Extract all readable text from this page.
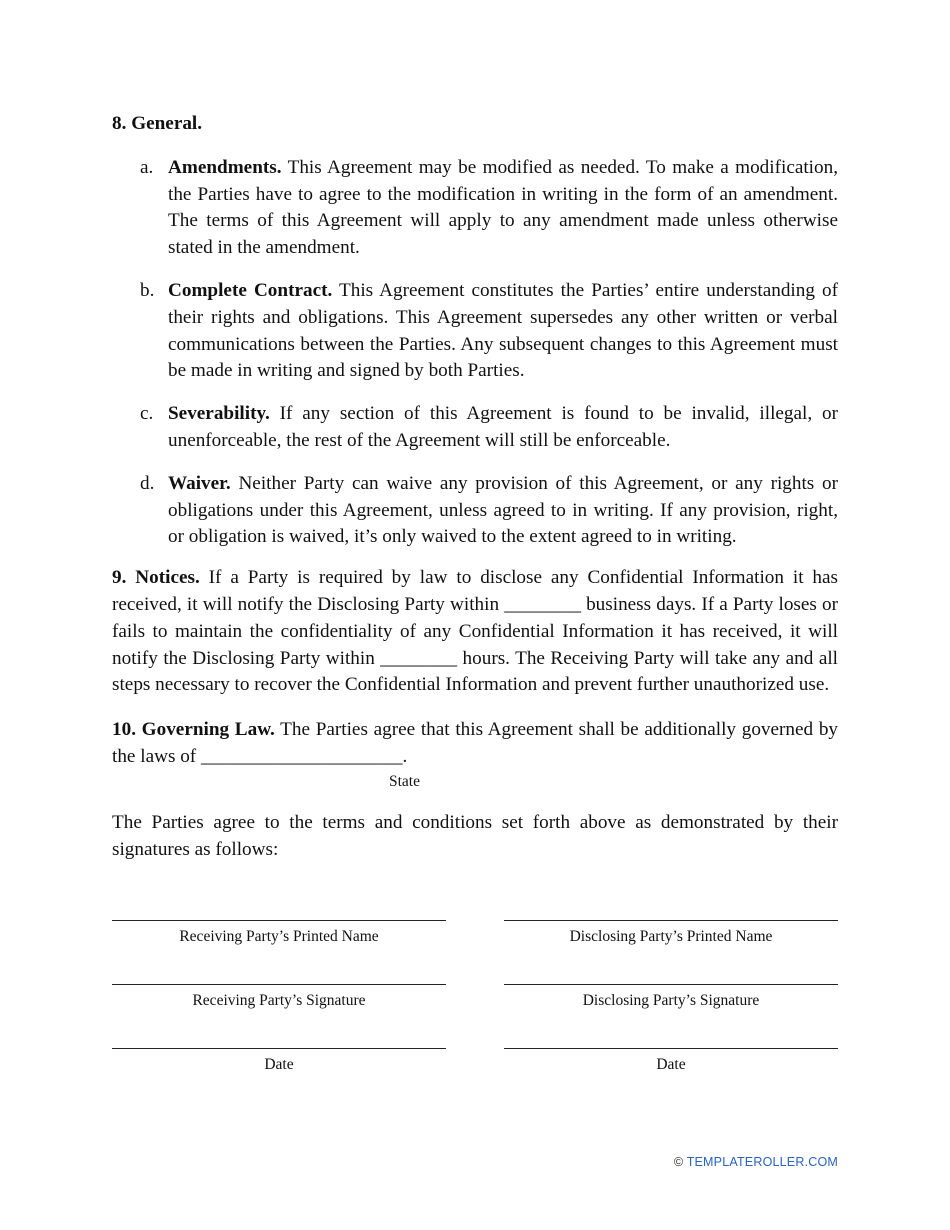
8. General.
a. Amendments. This Agreement may be modified as needed. To make a modification, the Parties have to agree to the modification in writing in the form of an amendment. The terms of this Agreement will apply to any amendment made unless otherwise stated in the amendment.
b. Complete Contract. This Agreement constitutes the Parties’ entire understanding of their rights and obligations. This Agreement supersedes any other written or verbal communications between the Parties. Any subsequent changes to this Agreement must be made in writing and signed by both Parties.
c. Severability. If any section of this Agreement is found to be invalid, illegal, or unenforceable, the rest of the Agreement will still be enforceable.
d. Waiver. Neither Party can waive any provision of this Agreement, or any rights or obligations under this Agreement, unless agreed to in writing. If any provision, right, or obligation is waived, it’s only waived to the extent agreed to in writing.

9. Notices. If a Party is required by law to disclose any Confidential Information it has received, it will notify the Disclosing Party within ________ business days. If a Party loses or fails to maintain the confidentiality of any Confidential Information it has received, it will notify the Disclosing Party within ________ hours. The Receiving Party will take any and all steps necessary to recover the Confidential Information and prevent further unauthorized use.

10. Governing Law. The Parties agree that this Agreement shall be additionally governed by the laws of _____________________.

State

The Parties agree to the terms and conditions set forth above as demonstrated by their signatures as follows:

Receiving Party’s Printed Name	Disclosing Party’s Printed Name
Receiving Party’s Signature	Disclosing Party’s Signature
Date	Date
© TEMPLATEROLLER.COM
